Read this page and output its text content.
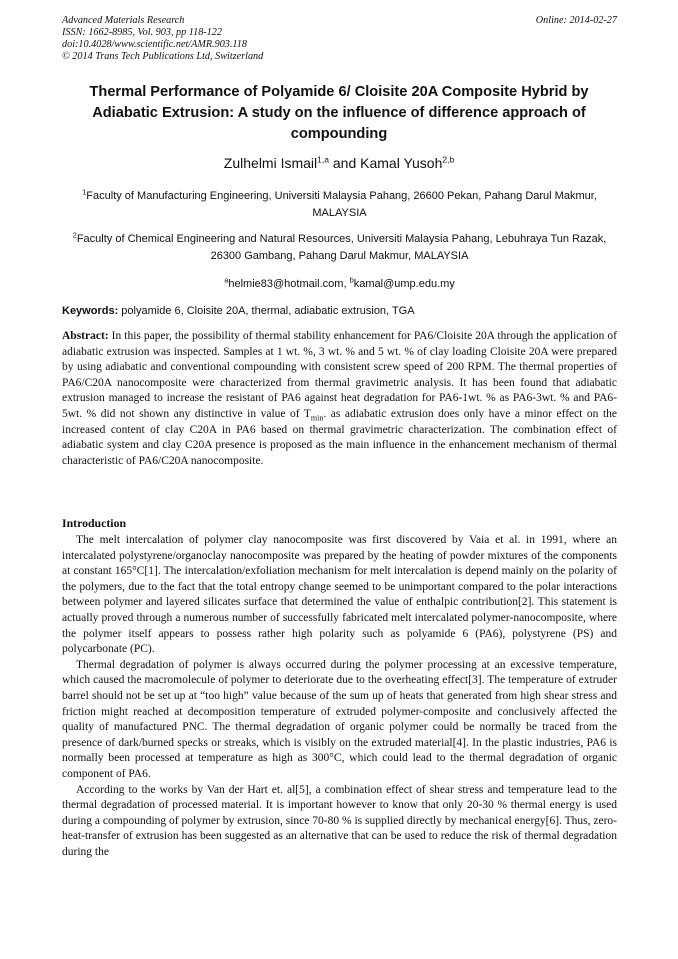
Advanced Materials Research	Online: 2014-02-27
ISSN: 1662-8985, Vol. 903, pp 118-122
doi:10.4028/www.scientific.net/AMR.903.118
© 2014 Trans Tech Publications Ltd, Switzerland
Thermal Performance of Polyamide 6/ Cloisite 20A Composite Hybrid by Adiabatic Extrusion: A study on the influence of difference approach of compounding
Zulhelmi Ismail$^{1,a}$ and Kamal Yusoh$^{2,b}$
$^1$Faculty of Manufacturing Engineering, Universiti Malaysia Pahang, 26600 Pekan, Pahang Darul Makmur, MALAYSIA
$^2$Faculty of Chemical Engineering and Natural Resources, Universiti Malaysia Pahang, Lebuhraya Tun Razak, 26300 Gambang, Pahang Darul Makmur, MALAYSIA
$^a$helmie83@hotmail.com, $^b$kamal@ump.edu.my
Keywords: polyamide 6, Cloisite 20A, thermal, adiabatic extrusion, TGA
Abstract: In this paper, the possibility of thermal stability enhancement for PA6/Cloisite 20A through the application of adiabatic extrusion was inspected. Samples at 1 wt. %, 3 wt. % and 5 wt. % of clay loading Cloisite 20A were prepared by using adiabatic and conventional compounding with consistent screw speed of 200 RPM. The thermal properties of PA6/C20A nanocomposite were characterized from thermal gravimetric analysis. It has been found that adiabatic extrusion managed to increase the resistant of PA6 against heat degradation for PA6-1wt. % as PA6-3wt. % and PA6-5wt. % did not shown any distinctive in value of $T_{min}$. as adiabatic extrusion does only have a minor effect on the increased content of clay C20A in PA6 based on thermal gravimetric characterization. The combination effect of adiabatic system and clay C20A presence is proposed as the main influence in the enhancement mechanism of thermal characteristic of PA6/C20A nanocomposite.
Introduction

The melt intercalation of polymer clay nanocomposite was first discovered by Vaia et al. in 1991, where an intercalated polystyrene/organoclay nanocomposite was prepared by the heating of powder mixtures of the components at constant 165°C[1]. The intercalation/exfoliation mechanism for melt intercalation is depend mainly on the polarity of the polymers, due to the fact that the total entropy change seemed to be unimportant compared to the polar interactions between polymer and layered silicates surface that determined the value of enthalpic contribution[2]. This statement is actually proved through a numerous number of successfully fabricated melt intercalated polymer-nanocomposite, where the polymer itself appears to possess rather high polarity such as polyamide 6 (PA6), polystyrene (PS) and polycarbonate (PC).

Thermal degradation of polymer is always occurred during the polymer processing at an excessive temperature, which caused the macromolecule of polymer to deteriorate due to the overheating effect[3]. The temperature of extruder barrel should not be set up at “too high” value because of the sum up of heats that generated from high shear stress and friction might reached at decomposition temperature of extruded polymer-composite and conclusively affected the quality of manufactured PNC. The thermal degradation of organic polymer could be normally be traced from the presence of dark/burned specks or streaks, which is visibly on the extruded material[4]. In the plastic industries, PA6 is normally been processed at temperature as high as 300°C, which could lead to the thermal degradation of organic component of PA6.

According to the works by Van der Hart et. al[5], a combination effect of shear stress and temperature lead to the thermal degradation of processed material. It is important however to know that only 20-30 % thermal energy is used during a compounding of polymer by extrusion, since 70-80 % is supplied directly by mechanical energy[6]. Thus, zero-heat-transfer of extrusion has been suggested as an alternative that can be used to reduce the risk of thermal degradation during the
